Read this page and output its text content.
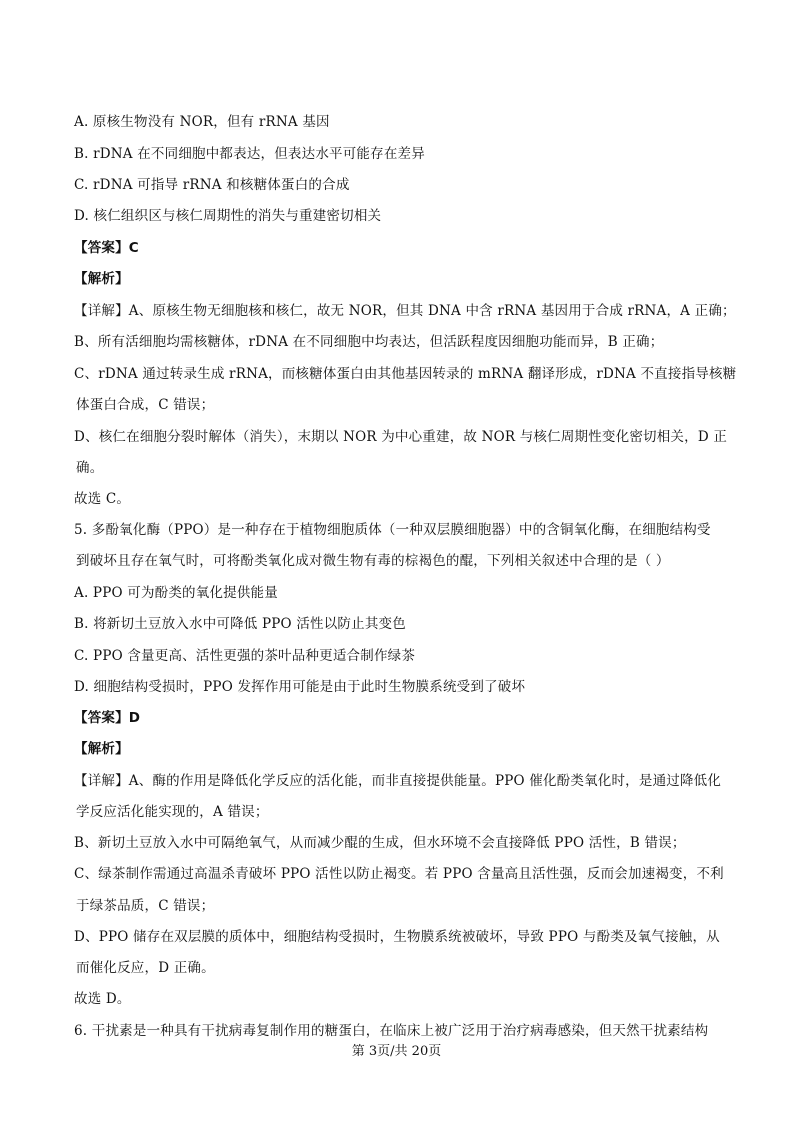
A. 原核生物没有 NOR，但有 rRNA 基因
B. rDNA 在不同细胞中都表达，但表达水平可能存在差异
C. rDNA 可指导 rRNA 和核糖体蛋白的合成
D. 核仁组织区与核仁周期性的消失与重建密切相关
【答案】C
【解析】
【详解】A、原核生物无细胞核和核仁，故无 NOR，但其 DNA 中含 rRNA 基因用于合成 rRNA，A 正确；
B、所有活细胞均需核糖体，rDNA 在不同细胞中均表达，但活跃程度因细胞功能而异，B 正确；
C、rDNA 通过转录生成 rRNA，而核糖体蛋白由其他基因转录的 mRNA 翻译形成，rDNA 不直接指导核糖
体蛋白合成，C 错误；
D、核仁在细胞分裂时解体（消失），末期以 NOR 为中心重建，故 NOR 与核仁周期性变化密切相关，D 正
确。
故选 C。
5. 多酚氧化酶（PPO）是一种存在于植物细胞质体（一种双层膜细胞器）中的含铜氧化酶，在细胞结构受
到破坏且存在氧气时，可将酚类氧化成对微生物有毒的棕褐色的醌，下列相关叙述中合理的是（ ）
A. PPO 可为酚类的氧化提供能量
B. 将新切土豆放入水中可降低 PPO 活性以防止其变色
C. PPO 含量更高、活性更强的茶叶品种更适合制作绿茶
D. 细胞结构受损时，PPO 发挥作用可能是由于此时生物膜系统受到了破坏
【答案】D
【解析】
【详解】A、酶的作用是降低化学反应的活化能，而非直接提供能量。PPO 催化酚类氧化时，是通过降低化
学反应活化能实现的，A 错误；
B、新切土豆放入水中可隔绝氧气，从而减少醌的生成，但水环境不会直接降低 PPO 活性，B 错误；
C、绿茶制作需通过高温杀青破坏 PPO 活性以防止褐变。若 PPO 含量高且活性强，反而会加速褐变，不利
于绿茶品质，C 错误；
D、PPO 储存在双层膜的质体中，细胞结构受损时，生物膜系统被破坏，导致 PPO 与酚类及氧气接触，从
而催化反应，D 正确。
故选 D。
6. 干扰素是一种具有干扰病毒复制作用的糖蛋白，在临床上被广泛用于治疗病毒感染，但天然干扰素结构
第 3页/共 20页
